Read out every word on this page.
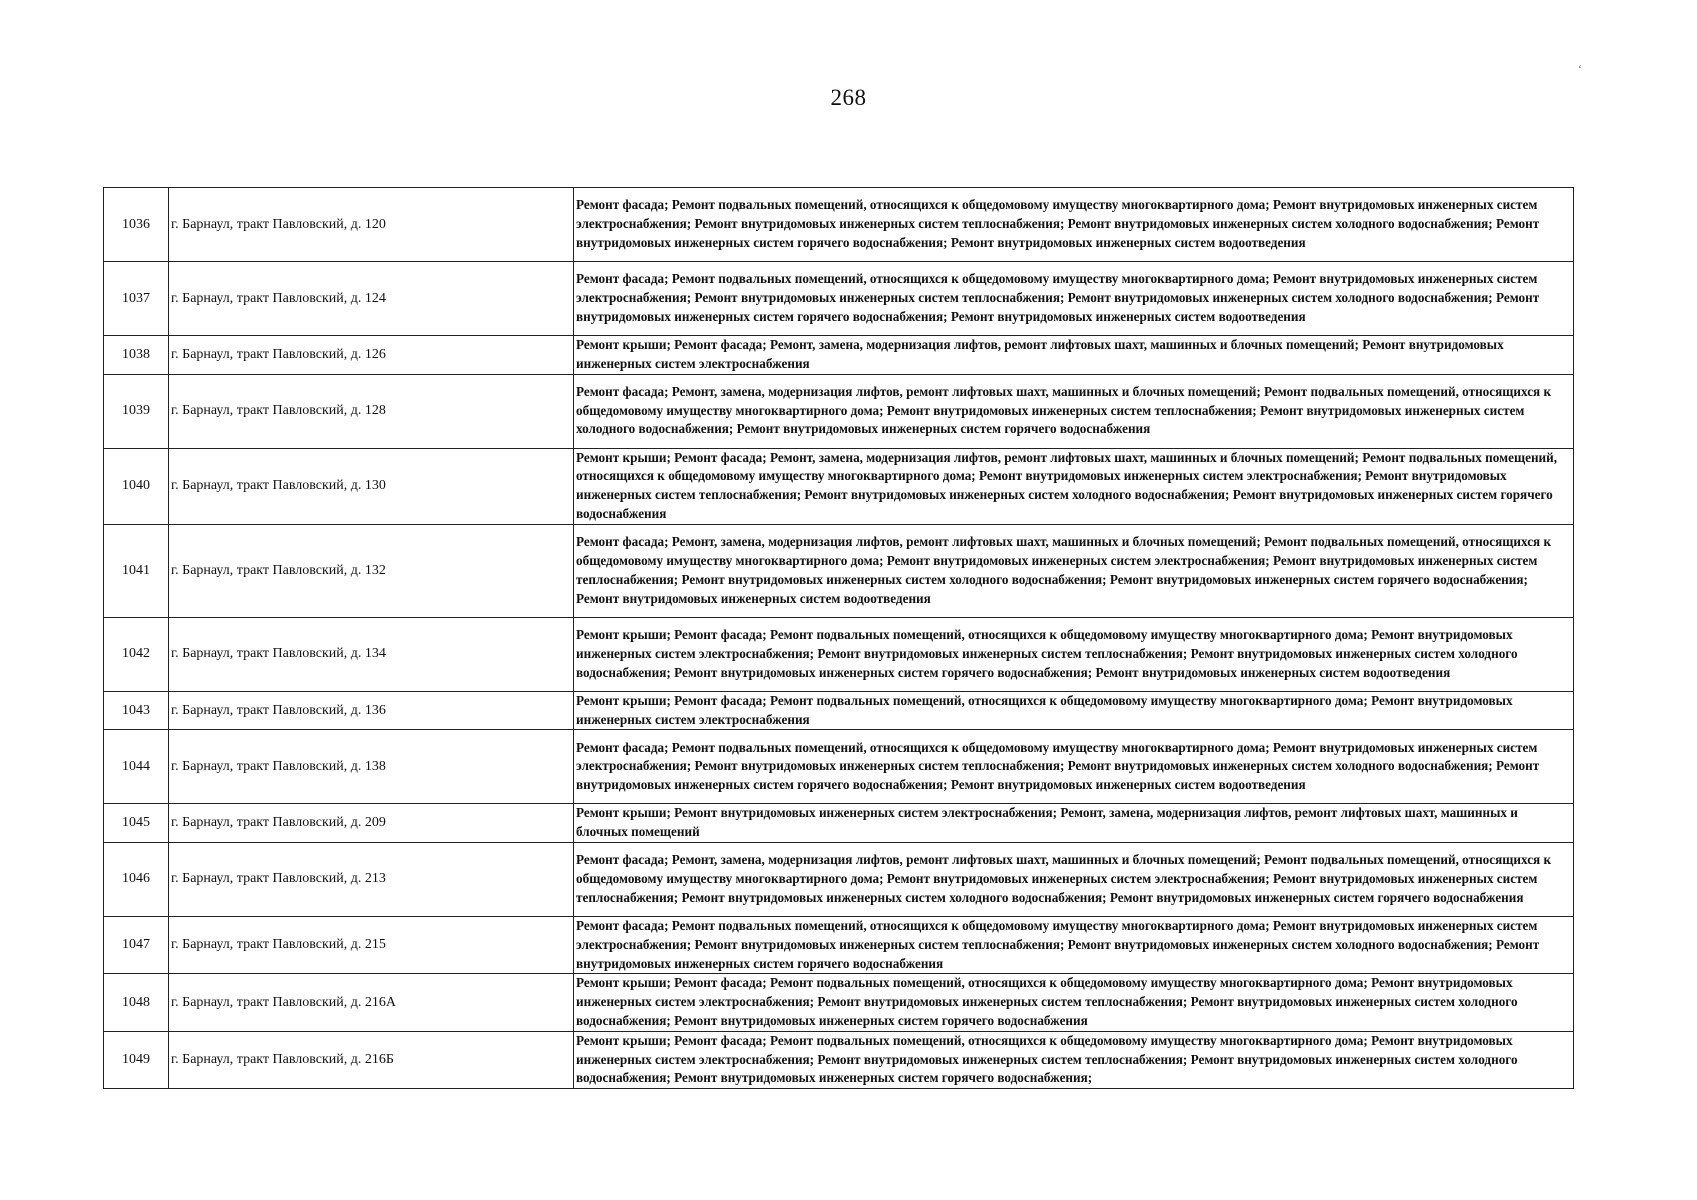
268
‘
1036	г. Барнаул, тракт Павловский, д. 120	Ремонт фасада; Ремонт подвальных помещений, относящихся к общедомовому имуществу многоквартирного дома; Ремонт внутридомовых инженерных систем электроснабжения; Ремонт внутридомовых инженерных систем теплоснабжения; Ремонт внутридомовых инженерных систем холодного водоснабжения; Ремонт внутридомовых инженерных систем горячего водоснабжения; Ремонт внутридомовых инженерных систем водоотведения
1037	г. Барнаул, тракт Павловский, д. 124	Ремонт фасада; Ремонт подвальных помещений, относящихся к общедомовому имуществу многоквартирного дома; Ремонт внутридомовых инженерных систем электроснабжения; Ремонт внутридомовых инженерных систем теплоснабжения; Ремонт внутридомовых инженерных систем холодного водоснабжения; Ремонт внутридомовых инженерных систем горячего водоснабжения; Ремонт внутридомовых инженерных систем водоотведения
1038	г. Барнаул, тракт Павловский, д. 126	Ремонт крыши; Ремонт фасада; Ремонт, замена, модернизация лифтов, ремонт лифтовых шахт, машинных и блочных помещений; Ремонт внутридомовых инженерных систем электроснабжения
1039	г. Барнаул, тракт Павловский, д. 128	Ремонт фасада; Ремонт, замена, модернизация лифтов, ремонт лифтовых шахт, машинных и блочных помещений; Ремонт подвальных помещений, относящихся к общедомовому имуществу многоквартирного дома; Ремонт внутридомовых инженерных систем теплоснабжения; Ремонт внутридомовых инженерных систем холодного водоснабжения; Ремонт внутридомовых инженерных систем горячего водоснабжения
1040	г. Барнаул, тракт Павловский, д. 130	Ремонт крыши; Ремонт фасада; Ремонт, замена, модернизация лифтов, ремонт лифтовых шахт, машинных и блочных помещений; Ремонт подвальных помещений, относящихся к общедомовому имуществу многоквартирного дома; Ремонт внутридомовых инженерных систем электроснабжения; Ремонт внутридомовых инженерных систем теплоснабжения; Ремонт внутридомовых инженерных систем холодного водоснабжения; Ремонт внутридомовых инженерных систем горячего водоснабжения
1041	г. Барнаул, тракт Павловский, д. 132	Ремонт фасада; Ремонт, замена, модернизация лифтов, ремонт лифтовых шахт, машинных и блочных помещений; Ремонт подвальных помещений, относящихся к общедомовому имуществу многоквартирного дома; Ремонт внутридомовых инженерных систем электроснабжения; Ремонт внутридомовых инженерных систем теплоснабжения; Ремонт внутридомовых инженерных систем холодного водоснабжения; Ремонт внутридомовых инженерных систем горячего водоснабжения; Ремонт внутридомовых инженерных систем водоотведения
1042	г. Барнаул, тракт Павловский, д. 134	Ремонт крыши; Ремонт фасада; Ремонт подвальных помещений, относящихся к общедомовому имуществу многоквартирного дома; Ремонт внутридомовых инженерных систем электроснабжения; Ремонт внутридомовых инженерных систем теплоснабжения; Ремонт внутридомовых инженерных систем холодного водоснабжения; Ремонт внутридомовых инженерных систем горячего водоснабжения; Ремонт внутридомовых инженерных систем водоотведения
1043	г. Барнаул, тракт Павловский, д. 136	Ремонт крыши; Ремонт фасада; Ремонт подвальных помещений, относящихся к общедомовому имуществу многоквартирного дома; Ремонт внутридомовых инженерных систем электроснабжения
1044	г. Барнаул, тракт Павловский, д. 138	Ремонт фасада; Ремонт подвальных помещений, относящихся к общедомовому имуществу многоквартирного дома; Ремонт внутридомовых инженерных систем электроснабжения; Ремонт внутридомовых инженерных систем теплоснабжения; Ремонт внутридомовых инженерных систем холодного водоснабжения; Ремонт внутридомовых инженерных систем горячего водоснабжения; Ремонт внутридомовых инженерных систем водоотведения
1045	г. Барнаул, тракт Павловский, д. 209	Ремонт крыши; Ремонт внутридомовых инженерных систем электроснабжения; Ремонт, замена, модернизация лифтов, ремонт лифтовых шахт, машинных и блочных помещений
1046	г. Барнаул, тракт Павловский, д. 213	Ремонт фасада; Ремонт, замена, модернизация лифтов, ремонт лифтовых шахт, машинных и блочных помещений; Ремонт подвальных помещений, относящихся к общедомовому имуществу многоквартирного дома; Ремонт внутридомовых инженерных систем электроснабжения; Ремонт внутридомовых инженерных систем теплоснабжения; Ремонт внутридомовых инженерных систем холодного водоснабжения; Ремонт внутридомовых инженерных систем горячего водоснабжения
1047	г. Барнаул, тракт Павловский, д. 215	Ремонт фасада; Ремонт подвальных помещений, относящихся к общедомовому имуществу многоквартирного дома; Ремонт внутридомовых инженерных систем электроснабжения; Ремонт внутридомовых инженерных систем теплоснабжения; Ремонт внутридомовых инженерных систем холодного водоснабжения; Ремонт внутридомовых инженерных систем горячего водоснабжения
1048	г. Барнаул, тракт Павловский, д. 216А	Ремонт крыши; Ремонт фасада; Ремонт подвальных помещений, относящихся к общедомовому имуществу многоквартирного дома; Ремонт внутридомовых инженерных систем электроснабжения; Ремонт внутридомовых инженерных систем теплоснабжения; Ремонт внутридомовых инженерных систем холодного водоснабжения; Ремонт внутридомовых инженерных систем горячего водоснабжения
1049	г. Барнаул, тракт Павловский, д. 216Б	Ремонт крыши; Ремонт фасада; Ремонт подвальных помещений, относящихся к общедомовому имуществу многоквартирного дома; Ремонт внутридомовых инженерных систем электроснабжения; Ремонт внутридомовых инженерных систем теплоснабжения; Ремонт внутридомовых инженерных систем холодного водоснабжения; Ремонт внутридомовых инженерных систем горячего водоснабжения;
